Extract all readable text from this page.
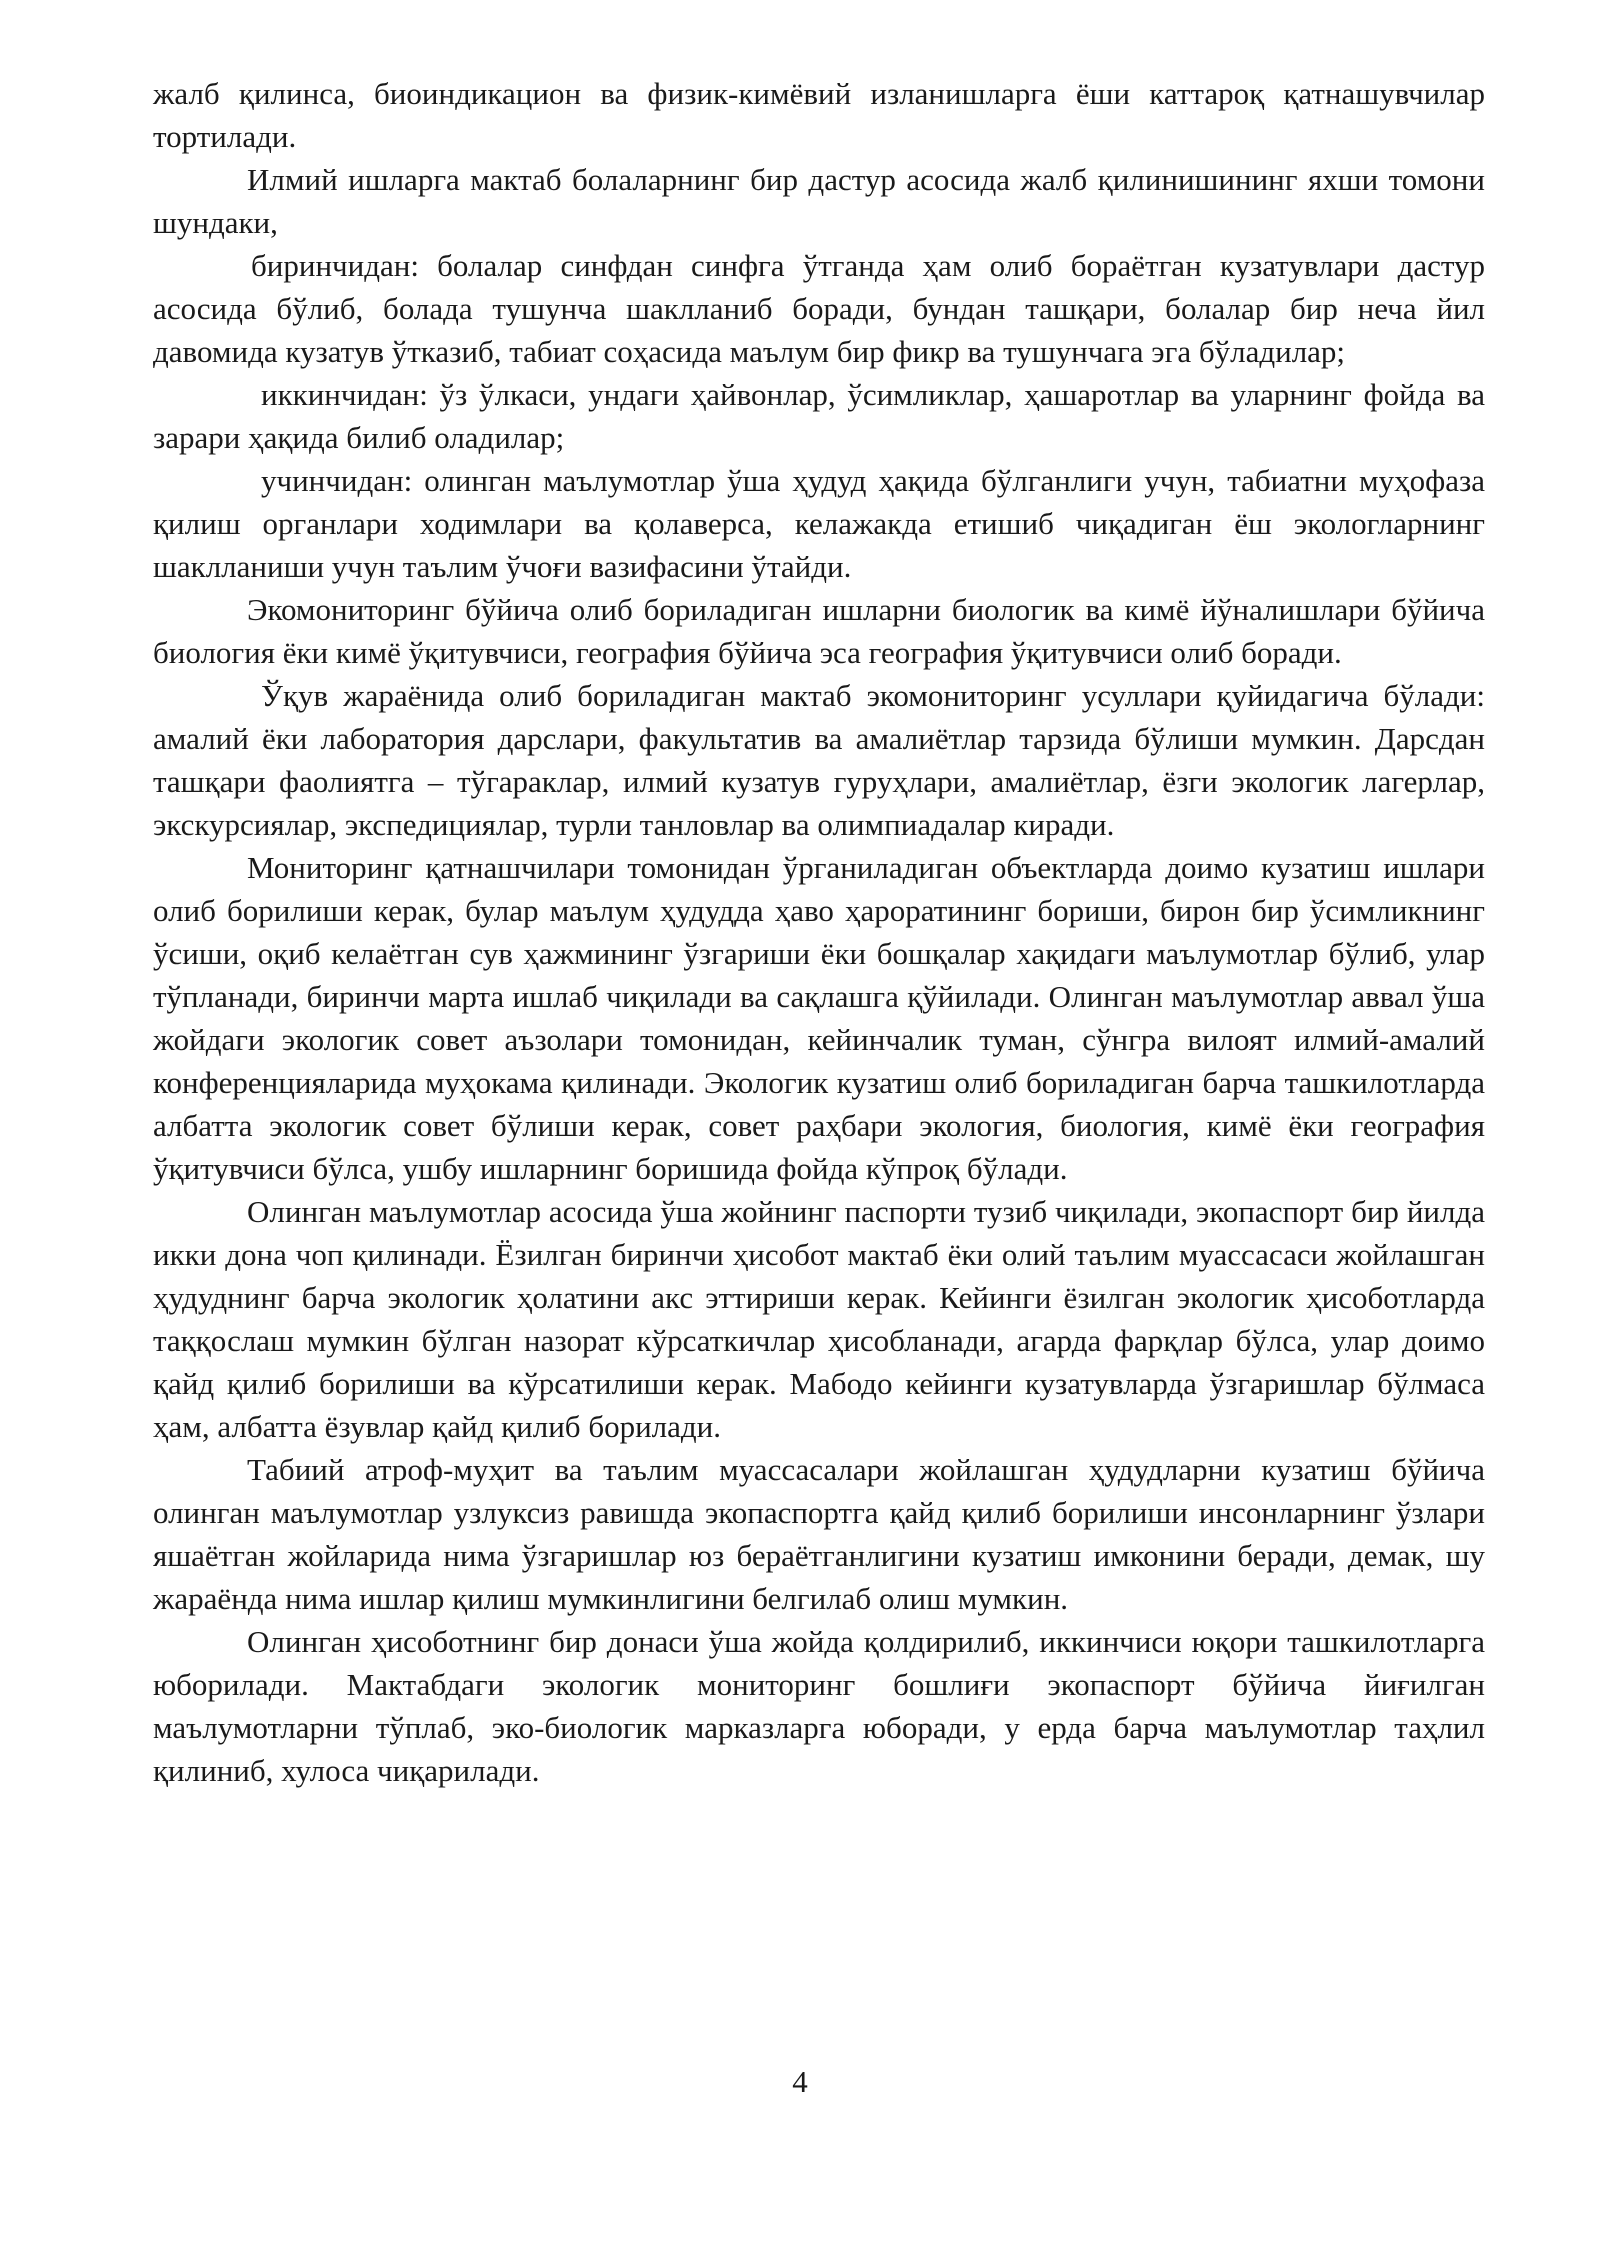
жалб қилинса, биоиндикацион ва физик-кимёвий изланишларга ёши каттароқ қатнашувчилар тортилади.

Илмий ишларга мактаб болаларнинг бир дастур асосида жалб қилинишининг яхши томони шундаки,

биринчидан: болалар синфдан синфга ўтганда ҳам олиб бораётган кузатувлари дастур асосида бўлиб, болада тушунча шаклланиб боради, бундан ташқари, болалар бир неча йил давомида кузатув ўтказиб, табиат соҳасида маълум бир фикр ва тушунчага эга бўладилар;

иккинчидан: ўз ўлкаси, ундаги ҳайвонлар, ўсимликлар, ҳашаротлар ва уларнинг фойда ва зарари ҳақида билиб оладилар;

учинчидан: олинган маълумотлар ўша ҳудуд ҳақида бўлганлиги учун, табиатни муҳофаза қилиш органлари ходимлари ва қолаверса, келажакда етишиб чиқадиган ёш экологларнинг шаклланиши учун таълим ўчоғи вазифасини ўтайди.

Экомониторинг бўйича олиб бориладиган ишларни биологик ва кимё йўналишлари бўйича биология ёки кимё ўқитувчиси, география бўйича эса география ўқитувчиси олиб боради.

Ўқув жараёнида олиб бориладиган мактаб экомониторинг усуллари қуйидагича бўлади: амалий ёки лаборатория дарслари, факультатив ва амалиётлар тарзида бўлиши мумкин. Дарсдан ташқари фаолиятга – тўгараклар, илмий кузатув гуруҳлари, амалиётлар, ёзги экологик лагерлар, экскурсиялар, экспедициялар, турли танловлар ва олимпиадалар киради.

Мониторинг қатнашчилари томонидан ўрганиладиган объектларда доимо кузатиш ишлари олиб борилиши керак, булар маълум ҳудудда ҳаво ҳароратининг бориши, бирон бир ўсимликнинг ўсиши, оқиб келаётган сув ҳажмининг ўзгариши ёки бошқалар хақидаги маълумотлар бўлиб, улар тўпланади, биринчи марта ишлаб чиқилади ва сақлашга қўйилади. Олинган маълумотлар аввал ўша жойдаги экологик совет аъзолари томонидан, кейинчалик туман, сўнгра вилоят илмий-амалий конференцияларида муҳокама қилинади. Экологик кузатиш олиб бориладиган барча ташкилотларда албатта экологик совет бўлиши керак, совет раҳбари экология, биология, кимё ёки география ўқитувчиси бўлса, ушбу ишларнинг боришида фойда кўпроқ бўлади.

Олинган маълумотлар асосида ўша жойнинг паспорти тузиб чиқилади, экопаспорт бир йилда икки дона чоп қилинади. Ёзилган биринчи ҳисобот мактаб ёки олий таълим муассасаси жойлашган ҳудуднинг барча экологик ҳолатини акс эттириши керак. Кейинги ёзилган экологик ҳисоботларда таққослаш мумкин бўлган назорат кўрсаткичлар ҳисобланади, агарда фарқлар бўлса, улар доимо қайд қилиб борилиши ва кўрсатилиши керак. Мабодо кейинги кузатувларда ўзгаришлар бўлмаса ҳам, албатта ёзувлар қайд қилиб борилади.

Табиий атроф-муҳит ва таълим муассасалари жойлашган ҳудудларни кузатиш бўйича олинган маълумотлар узлуксиз равишда экопаспортга қайд қилиб борилиши инсонларнинг ўзлари яшаётган жойларида нима ўзгаришлар юз бераётганлигини кузатиш имконини беради, демак, шу жараёнда нима ишлар қилиш мумкинлигини белгилаб олиш мумкин.

Олинган ҳисоботнинг бир донаси ўша жойда қолдирилиб, иккинчиси юқори ташкилотларга юборилади. Мактабдаги экологик мониторинг бошлиғи экопаспорт бўйича йиғилган маълумотларни тўплаб, эко-биологик марказларга юборади, у ерда барча маълумотлар таҳлил қилиниб, хулоса чиқарилади.

4
